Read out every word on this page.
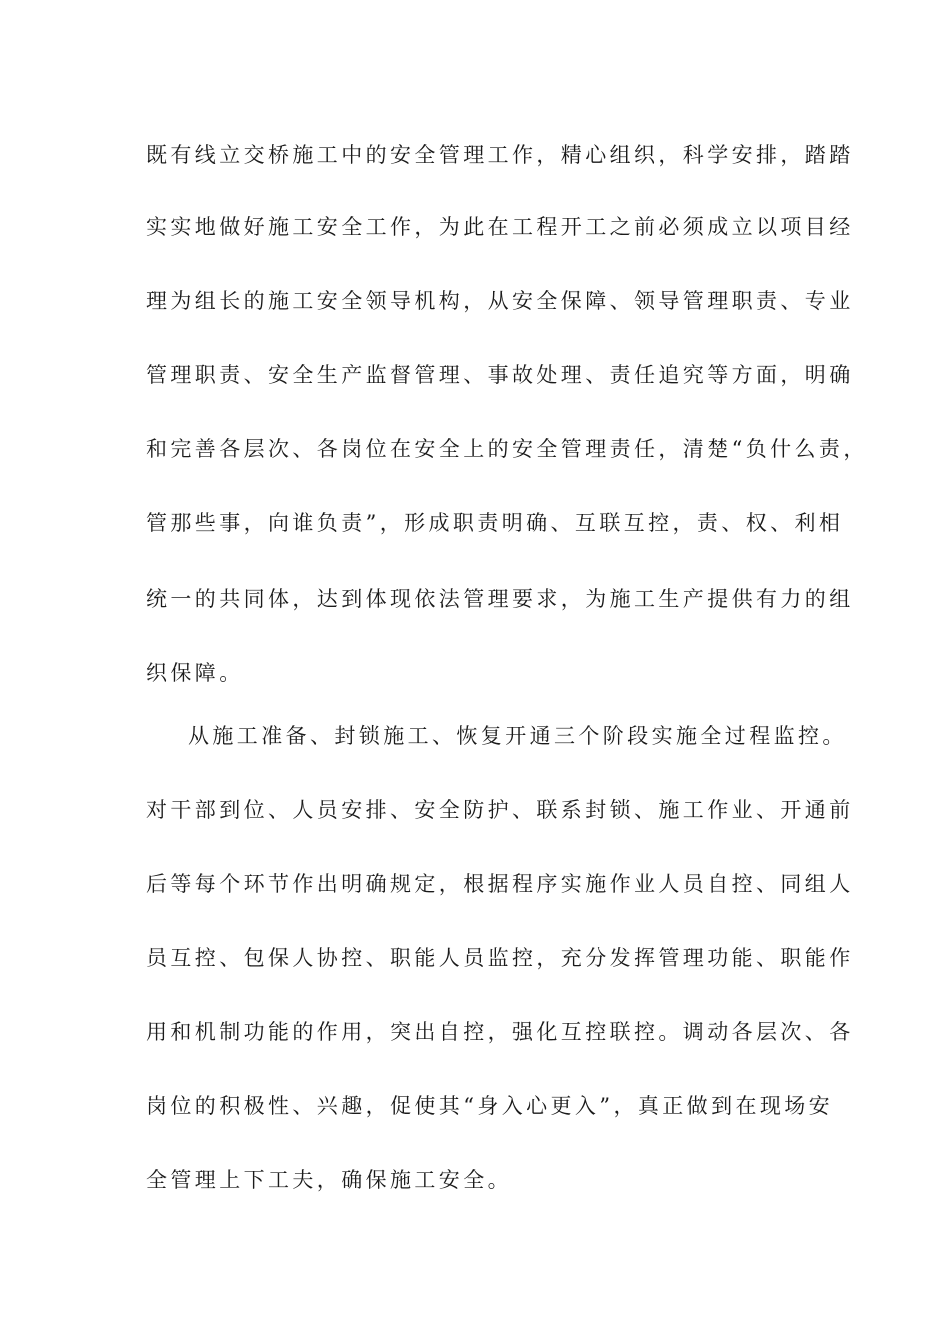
既有线立交桥施工中的安全管理工作，精心组织，科学安排，踏踏

实实地做好施工安全工作，为此在工程开工之前必须成立以项目经

理为组长的施工安全领导机构，从安全保障、领导管理职责、专业

管理职责、安全生产监督管理、事故处理、责任追究等方面，明确

和完善各层次、各岗位在安全上的安全管理责任，清楚“负什么责，

管那些事，向谁负责”，形成职责明确、互联互控，责、权、利相

统一的共同体，达到体现依法管理要求，为施工生产提供有力的组

织保障。

从施工准备、封锁施工、恢复开通三个阶段实施全过程监控。

对干部到位、人员安排、安全防护、联系封锁、施工作业、开通前

后等每个环节作出明确规定，根据程序实施作业人员自控、同组人

员互控、包保人协控、职能人员监控，充分发挥管理功能、职能作

用和机制功能的作用，突出自控，强化互控联控。调动各层次、各

岗位的积极性、兴趣，促使其“身入心更入”，真正做到在现场安

全管理上下工夫，确保施工安全。
